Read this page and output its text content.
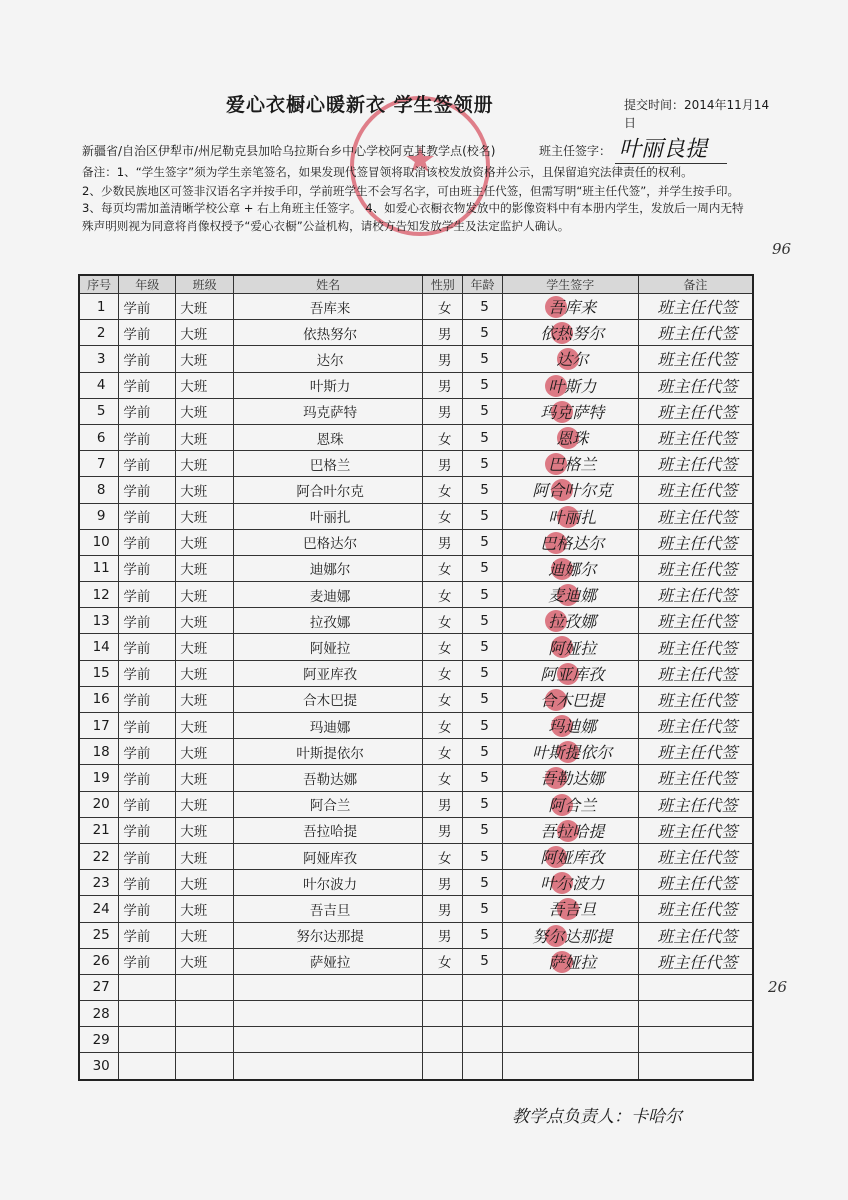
★
爱心衣橱心暖新衣 学生签领册	提交时间：2014年11月14日
新疆省/自治区伊犁市/州尼勒克县加哈乌拉斯台乡中心学校阿克其教学点(校名)	班主任签字： 叶丽良提

备注：1、“学生签字”须为学生亲笔签名，如果发现代签冒领将取消该校发放资格并公示，且保留追究法律责任的权利。

2、少数民族地区可签非汉语名字并按手印，学前班学生不会写名字，可由班主任代签，但需写明“班主任代签”，并学生按手印。 3、每页均需加盖清晰学校公章 + 右上角班主任签字。 4、如爱心衣橱衣物发放中的影像资料中有本册内学生，发放后一周内无特殊声明则视为同意将肖像权授予“爱心衣橱”公益机构，请校方告知发放学生及法定监护人确认。

96
26
序号	年级	班级	姓名	性别	年龄	学生签字	备注
1	学前	大班	吾库来	女	5	吾库来	班主任代签
2	学前	大班	依热努尔	男	5	依热努尔	班主任代签
3	学前	大班	达尔	男	5	达尔	班主任代签
4	学前	大班	叶斯力	男	5	叶斯力	班主任代签
5	学前	大班	玛克萨特	男	5	玛克萨特	班主任代签
6	学前	大班	恩珠	女	5	恩珠	班主任代签
7	学前	大班	巴格兰	男	5	巴格兰	班主任代签
8	学前	大班	阿合叶尔克	女	5	阿合叶尔克	班主任代签
9	学前	大班	叶丽扎	女	5	叶丽扎	班主任代签
10	学前	大班	巴格达尔	男	5	巴格达尔	班主任代签
11	学前	大班	迪娜尔	女	5	迪娜尔	班主任代签
12	学前	大班	麦迪娜	女	5	麦迪娜	班主任代签
13	学前	大班	拉孜娜	女	5	拉孜娜	班主任代签
14	学前	大班	阿娅拉	女	5	阿娅拉	班主任代签
15	学前	大班	阿亚库孜	女	5	阿亚库孜	班主任代签
16	学前	大班	合木巴提	女	5	合木巴提	班主任代签
17	学前	大班	玛迪娜	女	5	玛迪娜	班主任代签
18	学前	大班	叶斯提依尔	女	5	叶斯提依尔	班主任代签
19	学前	大班	吾勒达娜	女	5	吾勒达娜	班主任代签
20	学前	大班	阿合兰	男	5	阿合兰	班主任代签
21	学前	大班	吾拉哈提	男	5	吾拉哈提	班主任代签
22	学前	大班	阿娅库孜	女	5	阿娅库孜	班主任代签
23	学前	大班	叶尔波力	男	5	叶尔波力	班主任代签
24	学前	大班	吾吉旦	男	5	吾吉旦	班主任代签
25	学前	大班	努尔达那提	男	5	努尔达那提	班主任代签
26	学前	大班	萨娅拉	女	5	萨娅拉	班主任代签
27							
28							
29							
30							
教学点负责人：卡哈尔
